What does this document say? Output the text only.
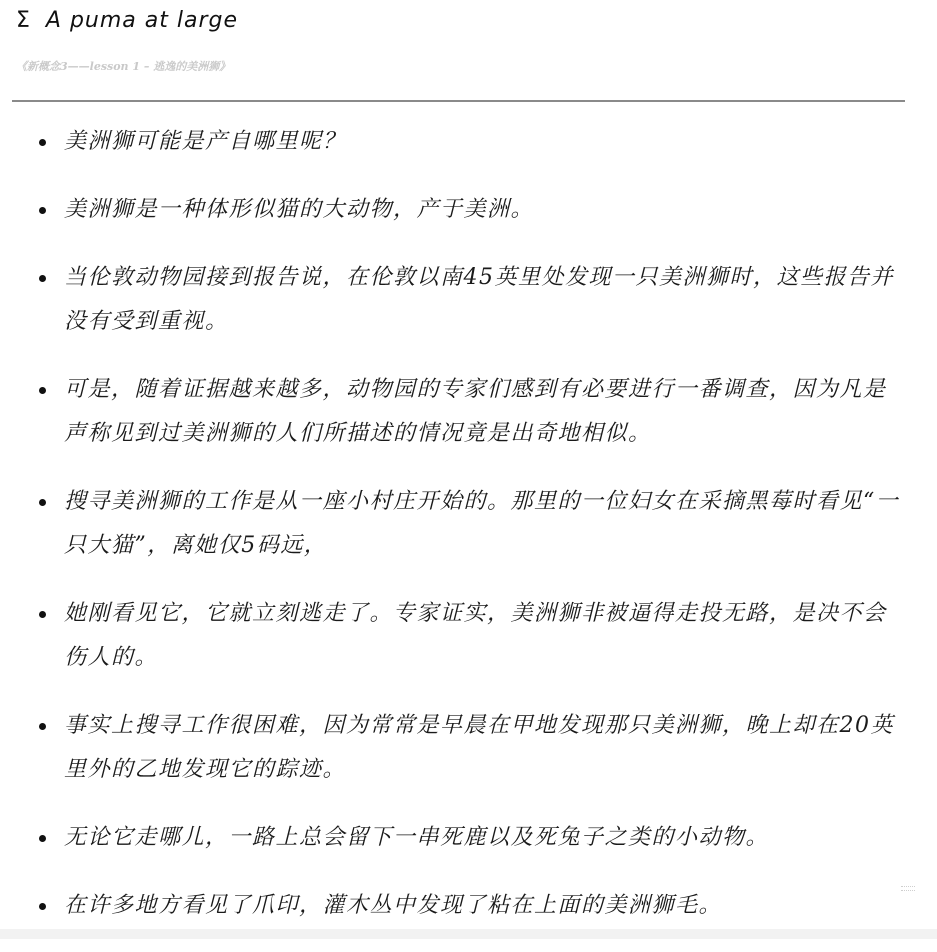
Σ A puma at large
《新概念3——lesson 1 – 逃逸的美洲狮》
美洲狮可能是产自哪里呢？
美洲狮是一种体形似猫的大动物，产于美洲。
当伦敦动物园接到报告说，在伦敦以南45英里处发现一只美洲狮时，这些报告并没有受到重视。
可是，随着证据越来越多，动物园的专家们感到有必要进行一番调查，因为凡是声称见到过美洲狮的人们所描述的情况竟是出奇地相似。
搜寻美洲狮的工作是从一座小村庄开始的。那里的一位妇女在采摘黑莓时看见“一只大猫”，离她仅5码远，
她刚看见它，它就立刻逃走了。专家证实，美洲狮非被逼得走投无路，是决不会伤人的。
事实上搜寻工作很困难，因为常常是早晨在甲地发现那只美洲狮，晚上却在20英里外的乙地发现它的踪迹。
无论它走哪儿，一路上总会留下一串死鹿以及死兔子之类的小动物。
在许多地方看见了爪印，灌木丛中发现了粘在上面的美洲狮毛。
